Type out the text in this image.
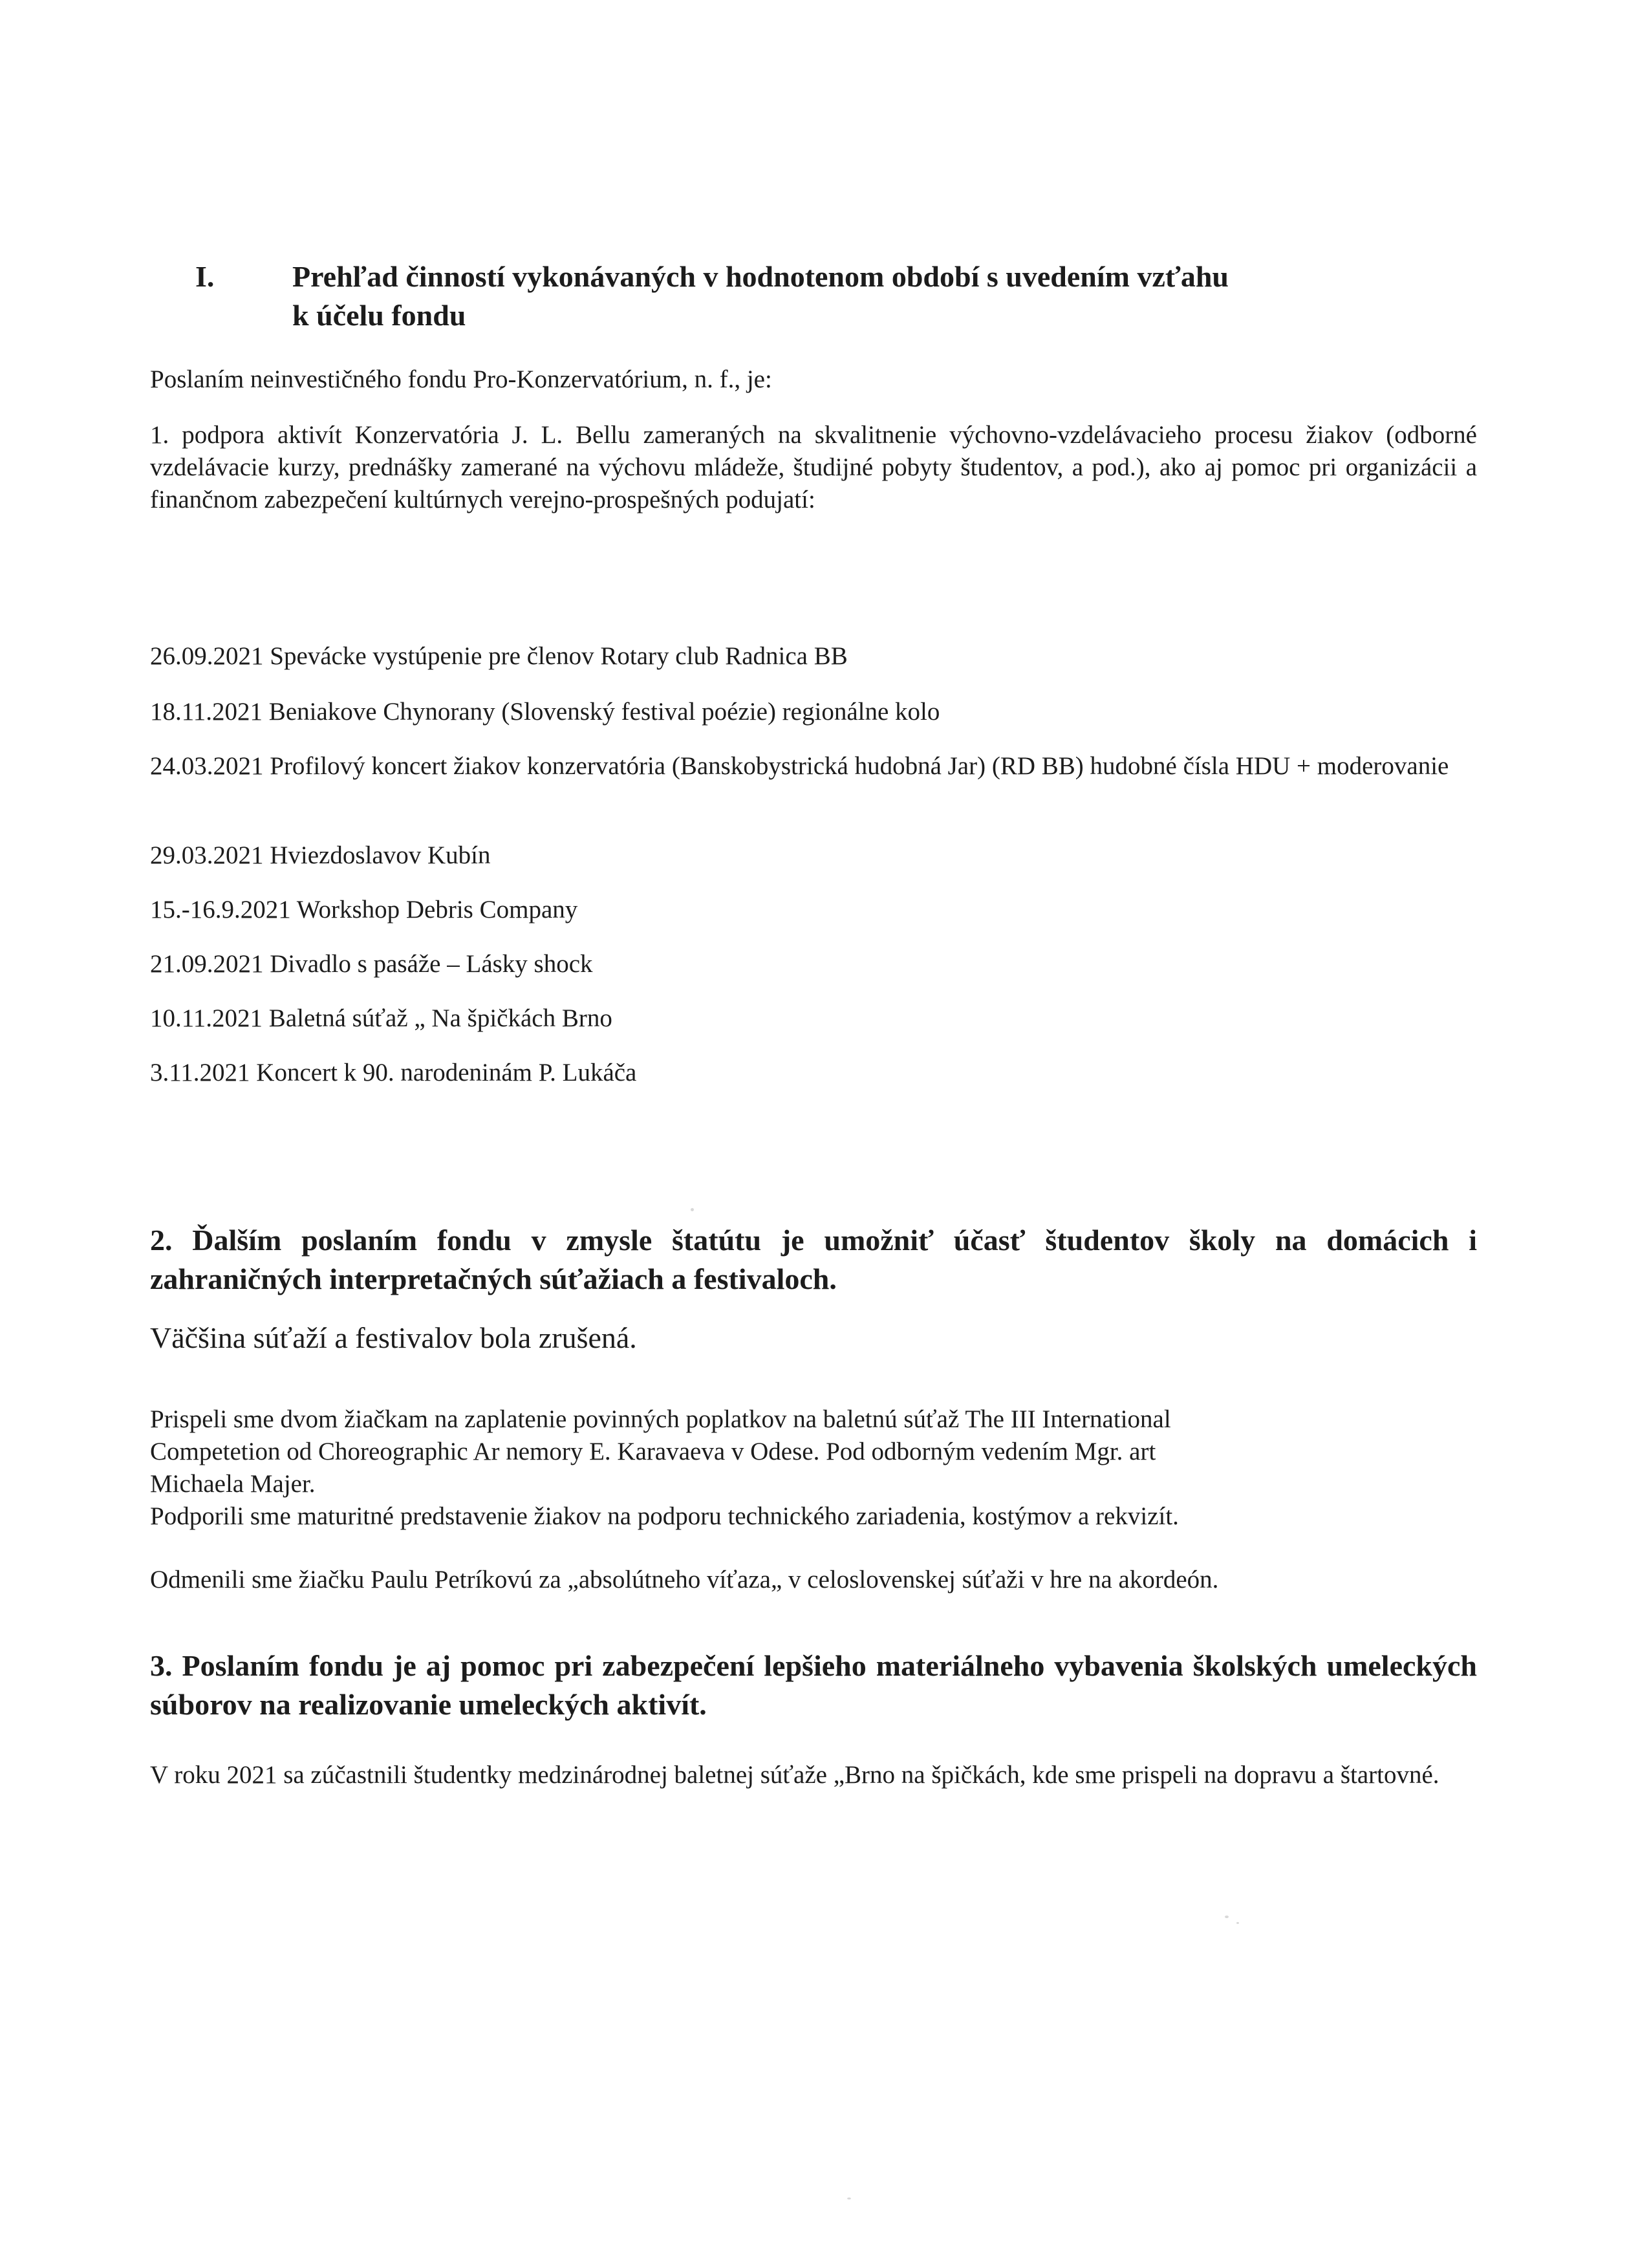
I.	Prehľad činností vykonávaných v hodnotenom období s uvedením vzťahu
k účelu fondu

Poslaním neinvestičného fondu Pro-Konzervatórium, n. f., je:

1. podpora aktivít Konzervatória J. L. Bellu zameraných na skvalitnenie výchovno-vzdelávacieho procesu žiakov (odborné vzdelávacie kurzy, prednášky zamerané na výchovu mládeže, študijné pobyty študentov, a pod.), ako aj pomoc pri organizácii a finančnom zabezpečení kultúrnych verejno-prospešných podujatí:

26.09.2021 Spevácke vystúpenie pre členov Rotary club Radnica BB
18.11.2021 Beniakove Chynorany (Slovenský festival poézie) regionálne kolo
24.03.2021 Profilový koncert žiakov konzervatória (Banskobystrická hudobná Jar) (RD BB) hudobné čísla HDU + moderovanie
29.03.2021 Hviezdoslavov Kubín
15.-16.9.2021 Workshop Debris Company
21.09.2021 Divadlo s pasáže – Lásky shock
10.11.2021 Baletná súťaž „ Na špičkách Brno
3.11.2021 Koncert k 90. narodeninám P. Lukáča

2. Ďalším poslaním fondu v zmysle štatútu je umožniť účasť študentov školy na domácich i zahraničných interpretačných súťažiach a festivaloch.

Väčšina súťaží a festivalov bola zrušená.

Prispeli sme dvom žiačkam na zaplatenie povinných poplatkov na baletnú súťaž The III International
Competetion od Choreographic Ar nemory E. Karavaeva v Odese. Pod odborným vedením Mgr. art
Michaela Majer.
Podporili sme maturitné predstavenie žiakov na podporu technického zariadenia, kostýmov a rekvizít.

Odmenili sme žiačku Paulu Petríkovú za „absolútneho víťaza„ v celoslovenskej súťaži v hre na akordeón.

3. Poslaním fondu je aj pomoc pri zabezpečení lepšieho materiálneho vybavenia školských umeleckých súborov na realizovanie umeleckých aktivít.

V roku 2021 sa zúčastnili študentky medzinárodnej baletnej súťaže „Brno na špičkách, kde sme prispeli na dopravu a štartovné.
